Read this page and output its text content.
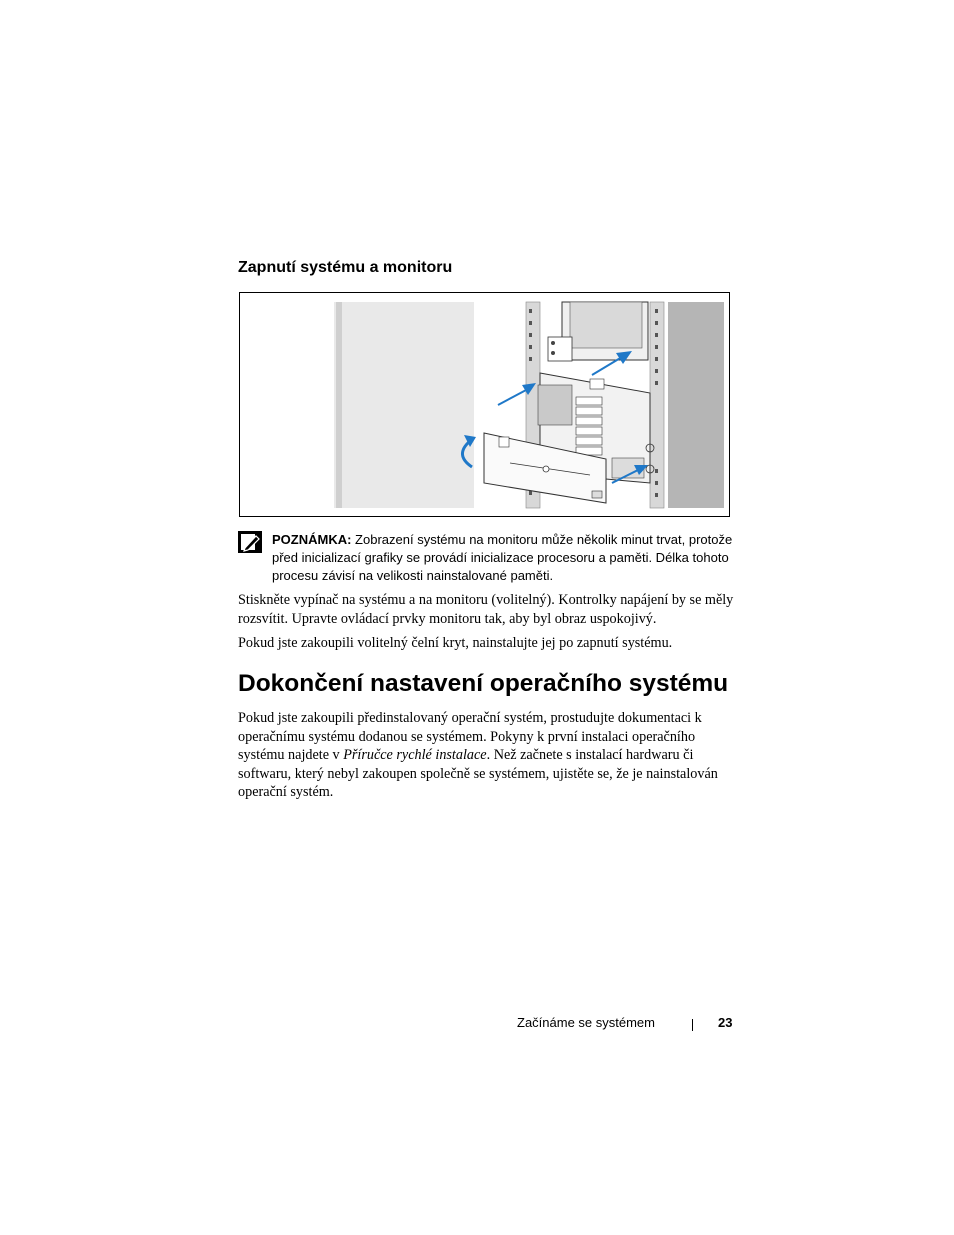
Zapnutí systému a monitoru
POZNÁMKA: Zobrazení systému na monitoru může několik minut trvat, protože před inicializací grafiky se provádí inicializace procesoru a paměti. Délka tohoto procesu závisí na velikosti nainstalované paměti.

Stiskněte vypínač na systému a na monitoru (volitelný). Kontrolky napájení by se měly rozsvítit. Upravte ovládací prvky monitoru tak, aby byl obraz uspokojivý.

Pokud jste zakoupili volitelný čelní kryt, nainstalujte jej po zapnutí systému.

Dokončení nastavení operačního systému

Pokud jste zakoupili předinstalovaný operační systém, prostudujte dokumentaci k operačnímu systému dodanou se systémem. Pokyny k první instalaci operačního systému najdete v Příručce rychlé instalace. Než začnete s instalací hardwaru či softwaru, který nebyl zakoupen společně se systémem, ujistěte se, že je nainstalován operační systém.

Začínáme se systémem	23
